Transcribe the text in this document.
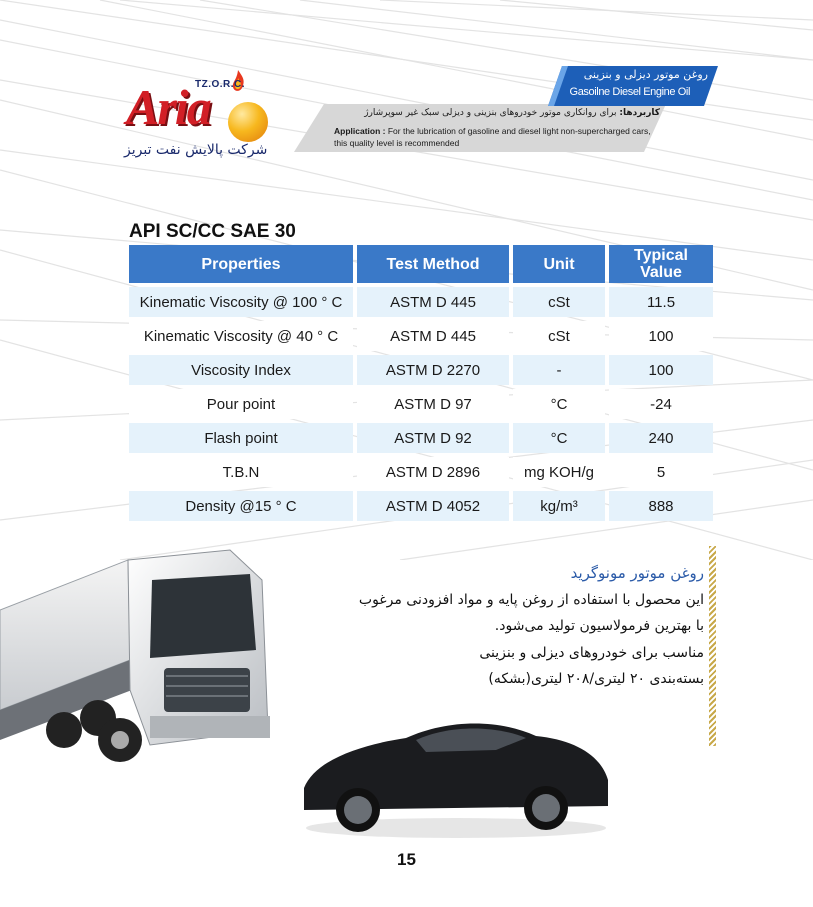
TZ.O.R.C.
Aria
شرکت پالایش نفت تبریز
روغن موتور دیزلی و بنزینی
Gasoilne Diesel Engine Oil
کاربردها: برای روانکاری موتور خودروهای بنزینی و دیزلی سبک غیر سوپرشارژ
Application : For the lubrication of gasoline and diesel light non-supercharged cars, this quality level is recommended
API SC/CC SAE 30
Properties	Test Method	Unit	Typical Value
Kinematic Viscosity @ 100 ° C	ASTM D 445	cSt	11.5
Kinematic Viscosity @ 40 ° C	ASTM D 445	cSt	100
Viscosity Index	ASTM D 2270	-	100
Pour point	ASTM D 97	°C	-24
Flash point	ASTM D 92	°C	240
T.B.N	ASTM D 2896	mg KOH/g	5
Density @15 ° C	ASTM D 4052	kg/m³	888
روغن موتور مونوگرید
این محصول با استفاده از روغن پایه و مواد افزودنی مرغوب
با بهترین فرمولاسیون تولید می‌شود.
مناسب برای خودروهای دیزلی و بنزینی
بسته‌بندی ۲۰ لیتری/۲۰۸ لیتری(بشکه)
15
